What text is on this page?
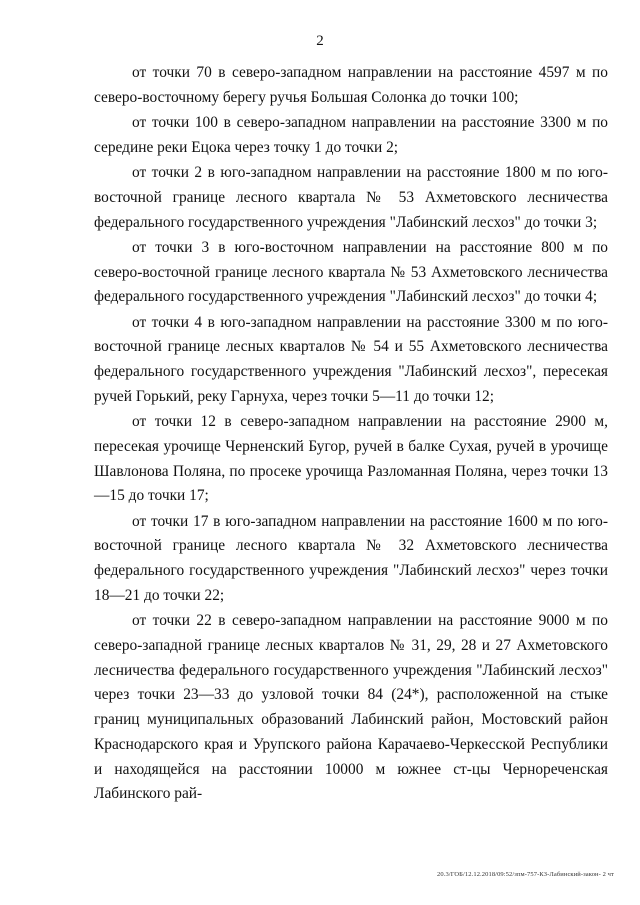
2

от точки 70 в северо-западном направлении на расстояние 4597 м по северо-восточному берегу ручья Большая Солонка до точки 100;

от точки 100 в северо-западном направлении на расстояние 3300 м по середине реки Ецока через точку 1 до точки 2;

от точки 2 в юго-западном направлении на расстояние 1800 м по юго-восточной границе лесного квартала № 53 Ахметовского лесничества федерального государственного учреждения "Лабинский лесхоз" до точки 3;

от точки 3 в юго-восточном направлении на расстояние 800 м по северо-восточной границе лесного квартала № 53 Ахметовского лесничества федерального государственного учреждения "Лабинский лесхоз" до точки 4;

от точки 4 в юго-западном направлении на расстояние 3300 м по юго-восточной границе лесных кварталов № 54 и 55 Ахметовского лесничества федерального государственного учреждения "Лабинский лесхоз", пересекая ручей Горький, реку Гарнуха, через точки 5—11 до точки 12;

от точки 12 в северо-западном направлении на расстояние 2900 м, пересекая урочище Черненский Бугор, ручей в балке Сухая, ручей в урочище Шавлонова Поляна, по просеке урочища Разломанная Поляна, через точки 13—15 до точки 17;

от точки 17 в юго-западном направлении на расстояние 1600 м по юго-восточной границе лесного квартала № 32 Ахметовского лесничества федерального государственного учреждения "Лабинский лесхоз" через точки 18—21 до точки 22;

от точки 22 в северо-западном направлении на расстояние 9000 м по северо-западной границе лесных кварталов № 31, 29, 28 и 27 Ахметовского лесничества федерального государственного учреждения "Лабинский лесхоз" через точки 23—33 до узловой точки 84 (24*), расположенной на стыке границ муниципальных образований Лабинский район, Мостовский район Краснодарского края и Урупского района Карачаево-Черкесской Республики и находящейся на расстоянии 10000 м южнее ст-цы Чернореченская Лабинского рай-

20.3/ГОБ/12.12.2018/09:52/зпм-757-КЗ-Лабинский-закон- 2 чт
